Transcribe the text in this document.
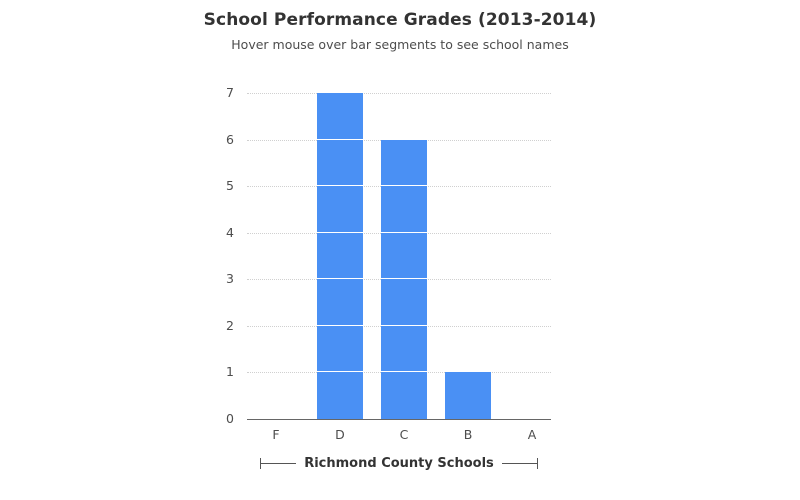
School Performance Grades (2013-2014)
Hover mouse over bar segments to see school names
7
6
5
4
3
2
1
0
F	D	C	B	A
Richmond County Schools
